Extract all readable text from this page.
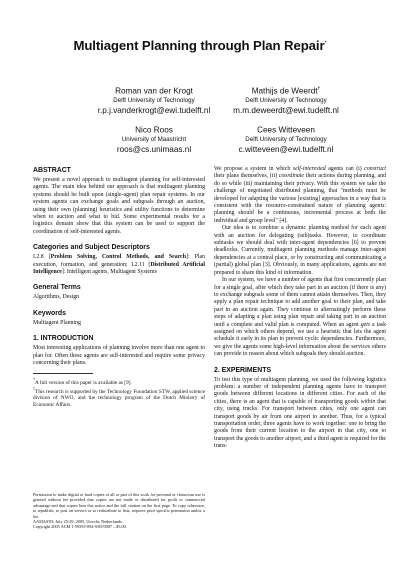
Multiagent Planning through Plan Repair*
Roman van der Krogt
Delft University of Technology
r.p.j.vanderkrogt@ewi.tudelft.nl
Mathijs de Weerdt†
Delft University of Technology
m.m.deweerdt@ewi.tudelft.nl
Nico Roos
University of Maastricht
roos@cs.unimaas.nl
Cees Witteveen
Delft University of Technology
c.witteveen@ewi.tudelft.nl
ABSTRACT

We present a novel approach to multiagent planning for self-interested agents. The main idea behind our approach is that multiagent planning systems should be built upon (single-agent) plan repair systems. In our system agents can exchange goals and subgoals through an auction, using their own (planning) heuristics and utility functions to determine when to auction and what to bid. Some experimental results for a logistics domain show that this system can be used to support the coordination of self-interested agents.

Categories and Subject Descriptors

I.2.8 [Problem Solving, Control Methods, and Search]: Plan execution, formation, and generation; I.2.11 [Distributed Artificial Intelligence]: Intelligent agents, Multiagent Systems

General Terms

Algorithms, Design

Keywords

Multiagent Planning

1. INTRODUCTION

Most interesting applications of planning involve more than one agent to plan for. Often these agents are self-interested and require some privacy concerning their plans.

*A full version of this paper is available as [9].
†This research is supported by the Technology Foundation STW, applied science division of NWO, and the technology program of the Dutch Ministry of Economic Affairs.
Permission to make digital or hard copies of all or part of this work for personal or classroom use is granted without fee provided that copies are not made or distributed for profit or commercial advantage and that copies bear this notice and the full citation on the first page. To copy otherwise, to republish, to post on servers or to redistribute to lists, requires prior specific permission and/or a fee.
AAMAS'05, July 25-29, 2005, Utrecht, Netherlands.
Copyright 2005 ACM 1-59593-094-9/05/0007 ...$5.00.

We propose a system in which self-interested agents can (i) construct their plans themselves, (ii) coordinate their actions during planning, and do so while (iii) maintaining their privacy. With this system we take the challenge of negotiated distributed planning, that "methods must be developed for adapting the various [existing] approaches in a way that is consistent with the resource-constrained nature of planning agents: planning should be a continuous, incremental process at both the individual and group level" [4].

Our idea is to combine a dynamic planning method for each agent with an auction for delegating (sub)tasks. However, to coordinate subtasks we should deal with inter-agent dependencies [6] to prevent deadlocks. Currently, multiagent planning methods manage inter-agent dependencies at a central place, or by constructing and communicating a (partial) global plan [3]. Obviously, in many applications, agents are not prepared to share this kind of information.

In our system, we have a number of agents that first concurrently plan for a single goal, after which they take part in an auction (if there is any) to exchange subgoals some of them cannot attain themselves. Then, they apply a plan repair technique to add another goal to their plan, and take part in an auction again. They continue to alternatingly perform these steps of adapting a plan using plan repair and taking part in an auction until a complete and valid plan is computed. When an agent gets a task assigned on which others depend, we use a heuristic that lets the agent schedule it early in its plan to prevent cyclic dependencies. Furthermore, we give the agents some high-level information about the services others can provide to reason about which subgoals they should auction.

2. EXPERIMENTS

To test this type of multiagent planning, we used the following logistics problem: a number of independent planning agents have to transport goods between different locations in different cities. For each of the cities, there is an agent that is capable of transporting goods within that city, using trucks. For transport between cities, only one agent can transport goods by air from one airport to another. Thus, for a typical transportation order, three agents have to work together: one to bring the goods from their current location to the airport in that city, one to transport the goods to another airport, and a third agent is required for the trans-
